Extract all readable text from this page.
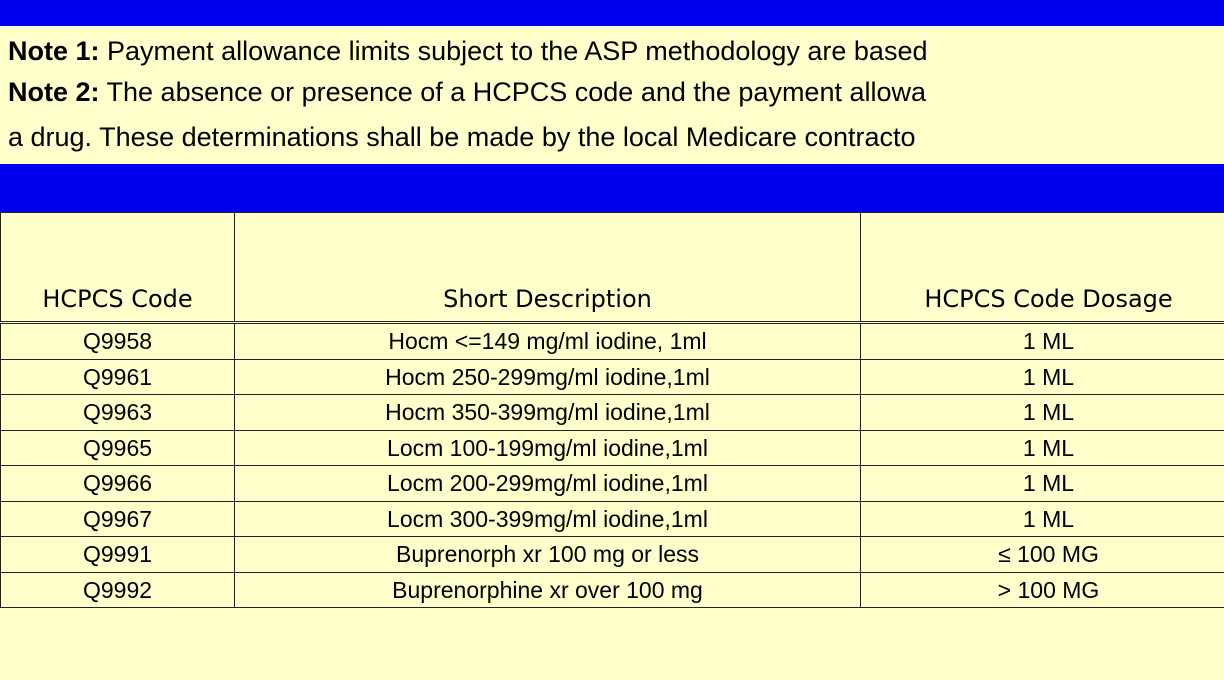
Note 1: Payment allowance limits subject to the ASP methodology are based
Note 2: The absence or presence of a HCPCS code and the payment allowa
a drug. These determinations shall be made by the local Medicare contracto
HCPCS Code	Short Description	HCPCS Code Dosage
Q9958	Hocm <=149 mg/ml iodine, 1ml	1 ML
Q9961	Hocm 250-299mg/ml iodine,1ml	1 ML
Q9963	Hocm 350-399mg/ml iodine,1ml	1 ML
Q9965	Locm 100-199mg/ml iodine,1ml	1 ML
Q9966	Locm 200-299mg/ml iodine,1ml	1 ML
Q9967	Locm 300-399mg/ml iodine,1ml	1 ML
Q9991	Buprenorph xr 100 mg or less	≤ 100 MG
Q9992	Buprenorphine xr over 100 mg	> 100 MG
